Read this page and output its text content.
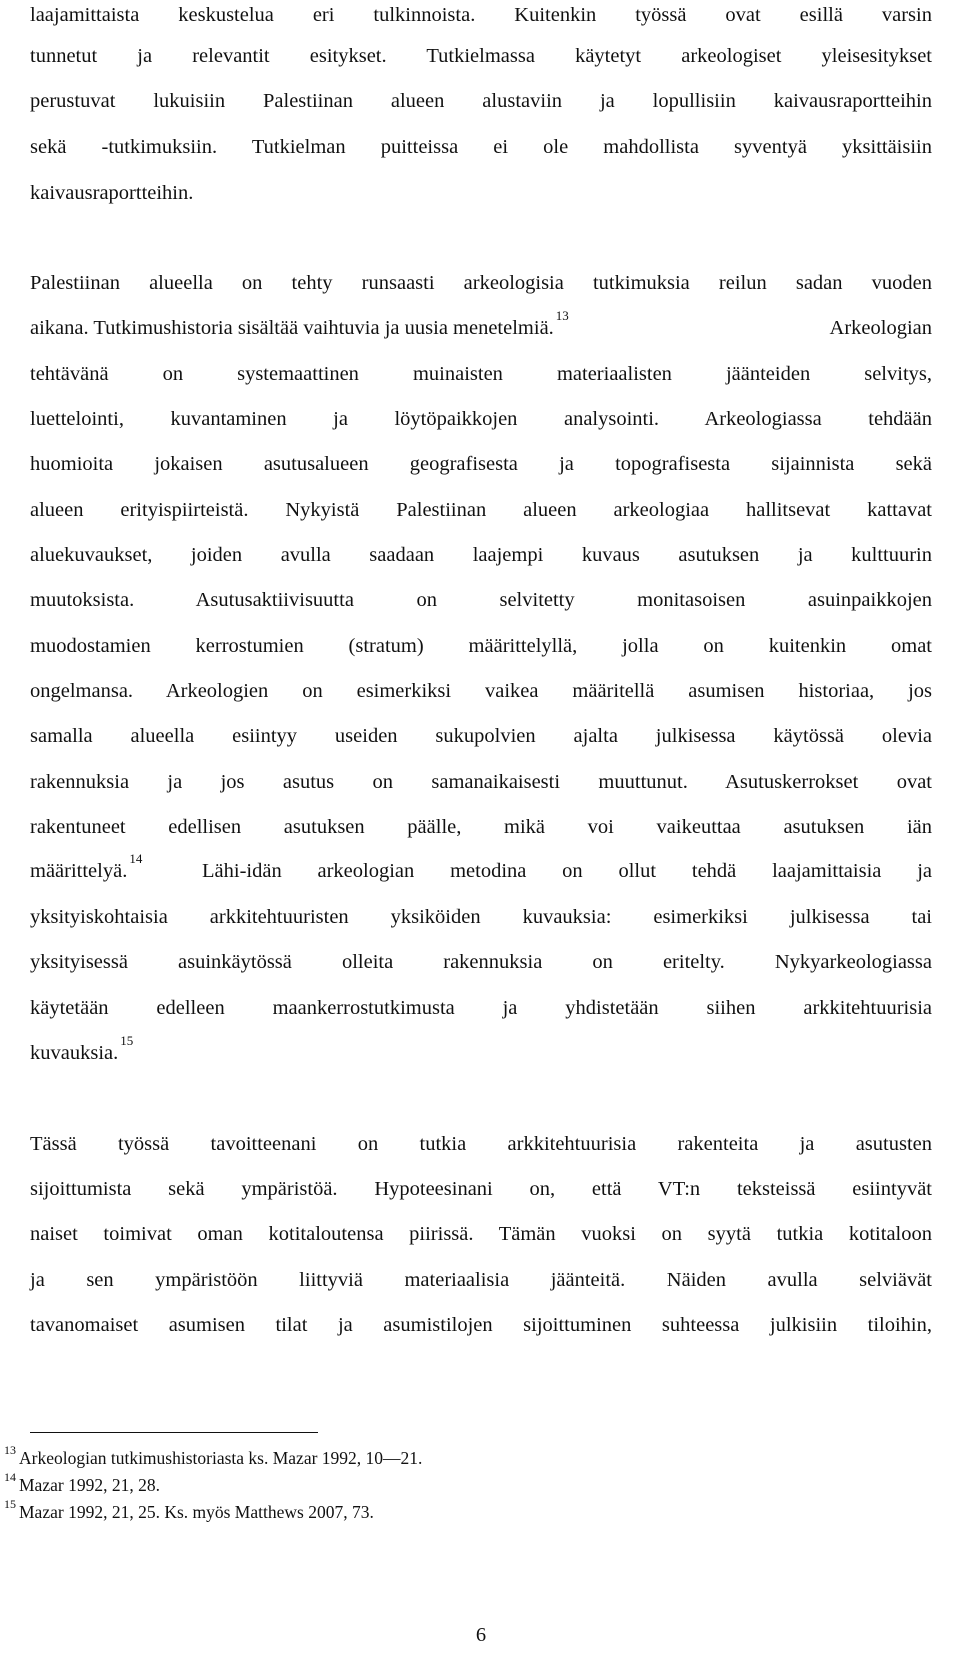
laajamittaista keskustelua eri tulkinnoista. Kuitenkin työssä ovat esillä varsin
tunnetut ja relevantit esitykset. Tutkielmassa käytetyt arkeologiset yleisesitykset
perustuvat lukuisiin Palestiinan alueen alustaviin ja lopullisiin kaivausraportteihin
sekä -tutkimuksiin. Tutkielman puitteissa ei ole mahdollista syventyä yksittäisiin
kaivausraportteihin.
Palestiinan alueella on tehty runsaasti arkeologisia tutkimuksia reilun sadan vuoden
aikana. Tutkimushistoria sisältää vaihtuvia ja uusia menetelmiä.$^{13}$
Arkeologian
tehtävänä on systemaattinen muinaisten materiaalisten jäänteiden selvitys,
luettelointi, kuvantaminen ja löytöpaikkojen analysointi. Arkeologiassa tehdään
huomioita jokaisen asutusalueen geografisesta ja topografisesta sijainnista sekä
alueen erityispiirteistä. Nykyistä Palestiinan alueen arkeologiaa hallitsevat kattavat
aluekuvaukset, joiden avulla saadaan laajempi kuvaus asutuksen ja kulttuurin
muutoksista. Asutusaktiivisuutta on selvitetty monitasoisen asuinpaikkojen
muodostamien kerrostumien (stratum) määrittelyllä, jolla on kuitenkin omat
ongelmansa. Arkeologien on esimerkiksi vaikea määritellä asumisen historiaa, jos
samalla alueella esiintyy useiden sukupolvien ajalta julkisessa käytössä olevia
rakennuksia ja jos asutus on samanaikaisesti muuttunut. Asutuskerrokset ovat
rakentuneet edellisen asutuksen päälle, mikä voi vaikeuttaa asutuksen iän
määrittelyä.$^{14}$
Lähi-idän arkeologian metodina on ollut tehdä laajamittaisia ja
yksityiskohtaisia arkkitehtuuristen yksiköiden kuvauksia: esimerkiksi julkisessa tai
yksityisessä asuinkäytössä olleita rakennuksia on eritelty. Nykyarkeologiassa
käytetään edelleen maankerrostutkimusta ja yhdistetään siihen arkkitehtuurisia
kuvauksia.$^{15}$
Tässä työssä tavoitteenani on tutkia arkkitehtuurisia rakenteita ja asutusten
sijoittumista sekä ympäristöä. Hypoteesinani on, että VT:n teksteissä esiintyvät
naiset toimivat oman kotitaloutensa piirissä. Tämän vuoksi on syytä tutkia kotitaloon
ja sen ympäristöön liittyviä materiaalisia jäänteitä. Näiden avulla selviävät
tavanomaiset asumisen tilat ja asumistilojen sijoittuminen suhteessa julkisiin tiloihin,
$^{13}$ Arkeologian tutkimushistoriasta ks. Mazar 1992, 10—21.
$^{14}$ Mazar 1992, 21, 28.
$^{15}$ Mazar 1992, 21, 25. Ks. myös Matthews 2007, 73.
6
